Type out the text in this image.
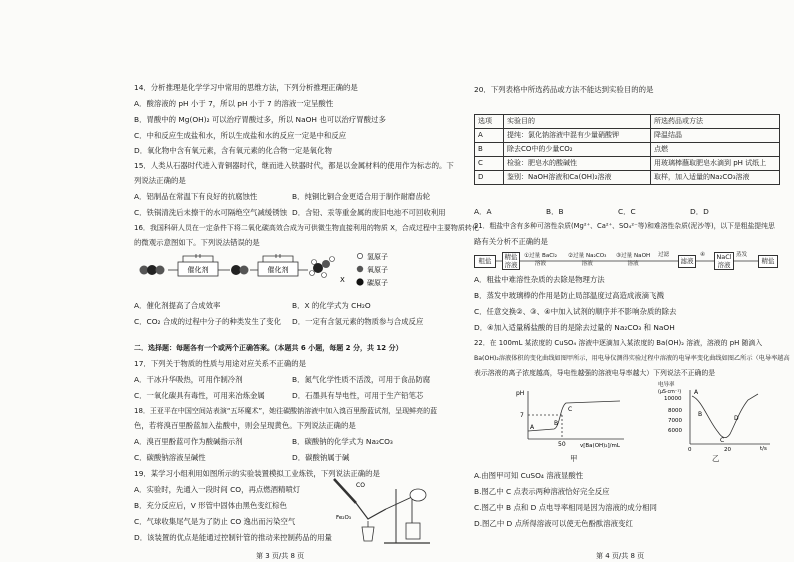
14．分析推理是化学学习中常用的思维方法，下列分析推理正确的是
A．酸溶液的 pH 小于 7，所以 pH 小于 7 的溶液一定呈酸性
B．胃酸中的 Mg(OH)₂ 可以治疗胃酸过多，所以 NaOH 也可以治疗胃酸过多
C．中和反应生成盐和水，所以生成盐和水的反应一定是中和反应
D．氧化物中含有氧元素，含有氧元素的化合物一定是氧化物
15．人类从石器时代进入青铜器时代，继而进入铁器时代，都是以金属材料的使用作为标志的。下
列说法正确的是
A．铝制品在常温下有良好的抗腐蚀性	B．纯铜比铜合金更适合用于制作耐磨齿轮
C．铁锅清洗后未擦干的水可隔绝空气减缓锈蚀 D．含铅、汞等重金属的废旧电池不可回收利用
16．我国科研人员在一定条件下将二氧化碳高效合成为可供微生物直接利用的物质 X，合成过程中主要物质转化
的微观示意图如下。下列说法错误的是
催化剂	催化剂
X
氢原子
氧原子
碳原子
A．催化剂提高了合成效率	B．X 的化学式为 CH₂O
C．CO₂ 合成的过程中分子的种类发生了变化 D．一定有含氢元素的物质参与合成反应
二．选择题：每题各有一个或两个正确答案。（本题共 6 小题，每题 2 分，共 12 分）
17．下列关于物质的性质与用途对应关系不正确的是
A．干冰升华吸热，可用作制冷剂	B．氮气化学性质不活泼，可用于食品防腐
C．一氧化碳具有毒性，可用来冶炼金属	D．石墨具有导电性，可用于生产铅笔芯
18．王亚平在中国空间站表演“五环魔术”，她往碳酸钠溶液中加入溴百里酚蓝试剂，呈现鲜亮的蓝
色，若将溴百里酚蓝加入盐酸中，则会呈现黄色。下列说法正确的是
A．溴百里酚蓝可作为酸碱指示剂	B．碳酸钠的化学式为 Na₂CO₃
C．碳酸钠溶液呈碱性	D．碳酸钠属于碱
19．某学习小组利用如图所示的实验装置模拟工业炼铁，下列说法正确的是
A．实验时，先通入一段时间 CO，再点燃酒精喷灯
B．充分反应后，V 形管中固体由黑色变红棕色
C．气球收集尾气是为了防止 CO 逸出而污染空气
D．该装置的优点是能通过控制针管的推动来控制药品的用量
CO
Fe₂O₃
第 3 页/共 8 页
20．下列表格中所选药品或方法不能达到实验目的的是
选项	实验目的	所选药品或方法
A	提纯：氯化钠溶液中混有少量硝酸钾	降温结晶
B	除去CO中的少量CO₂	点燃
C	检验：肥皂水的酸碱性	用玻璃棒蘸取肥皂水滴到 pH 试纸上
D	鉴别：NaOH溶液和Ca(OH)₂溶液	取样，加入适量的Na₂CO₃溶液
A．A	B．B	C．C	D．D
21．粗盐中含有多种可溶性杂质(Mg²⁺、Ca²⁺、SO₄²⁻等)和难溶性杂质(泥沙等)，以下是粗盐提纯思
路有关分析不正确的是
粗盐	精盐
溶液
①过量 BaCl₂
溶液
②过量 Na₂CO₃
溶液
③过量 NaOH
溶液
过滤
滤液
④	NaCl
溶液
蒸发
精盐
A．粗盐中难溶性杂质的去除是物理方法
B．蒸发中玻璃棒的作用是防止局部温度过高造成液滴飞溅
C．任意交换②、③、④中加入试剂的顺序并不影响杂质的除去
D．④加入适量稀盐酸的目的是除去过量的 Na₂CO₃ 和 NaOH
22．在 100mL 某浓度的 CuSO₄ 溶液中逐滴加入某浓度的 Ba(OH)₂ 溶液，溶液的 pH 随滴入
Ba(OH)₂溶液体积的变化曲线如图甲所示，用电导仪测得实验过程中溶液的电导率变化曲线如图乙所示（电导率越高
表示溶液的离子浓度越高，导电性越强的溶液电导率越大）下列说法不正确的是
pH
7
50	v[Ba(OH)₂]/mL
A
B
C
甲
电导率
(μS·cm⁻¹)
10000
8000
7000
6000
0	20	t/s
A
B
C
D
乙
A.由图甲可知 CuSO₄ 溶液显酸性
B.图乙中 C 点表示两种溶液恰好完全反应
C.图乙中 B 点和 D 点电导率相同是因为溶液的成分相同
D.图乙中 D 点所得溶液可以使无色酚酞溶液变红
第 4 页/共 8 页
